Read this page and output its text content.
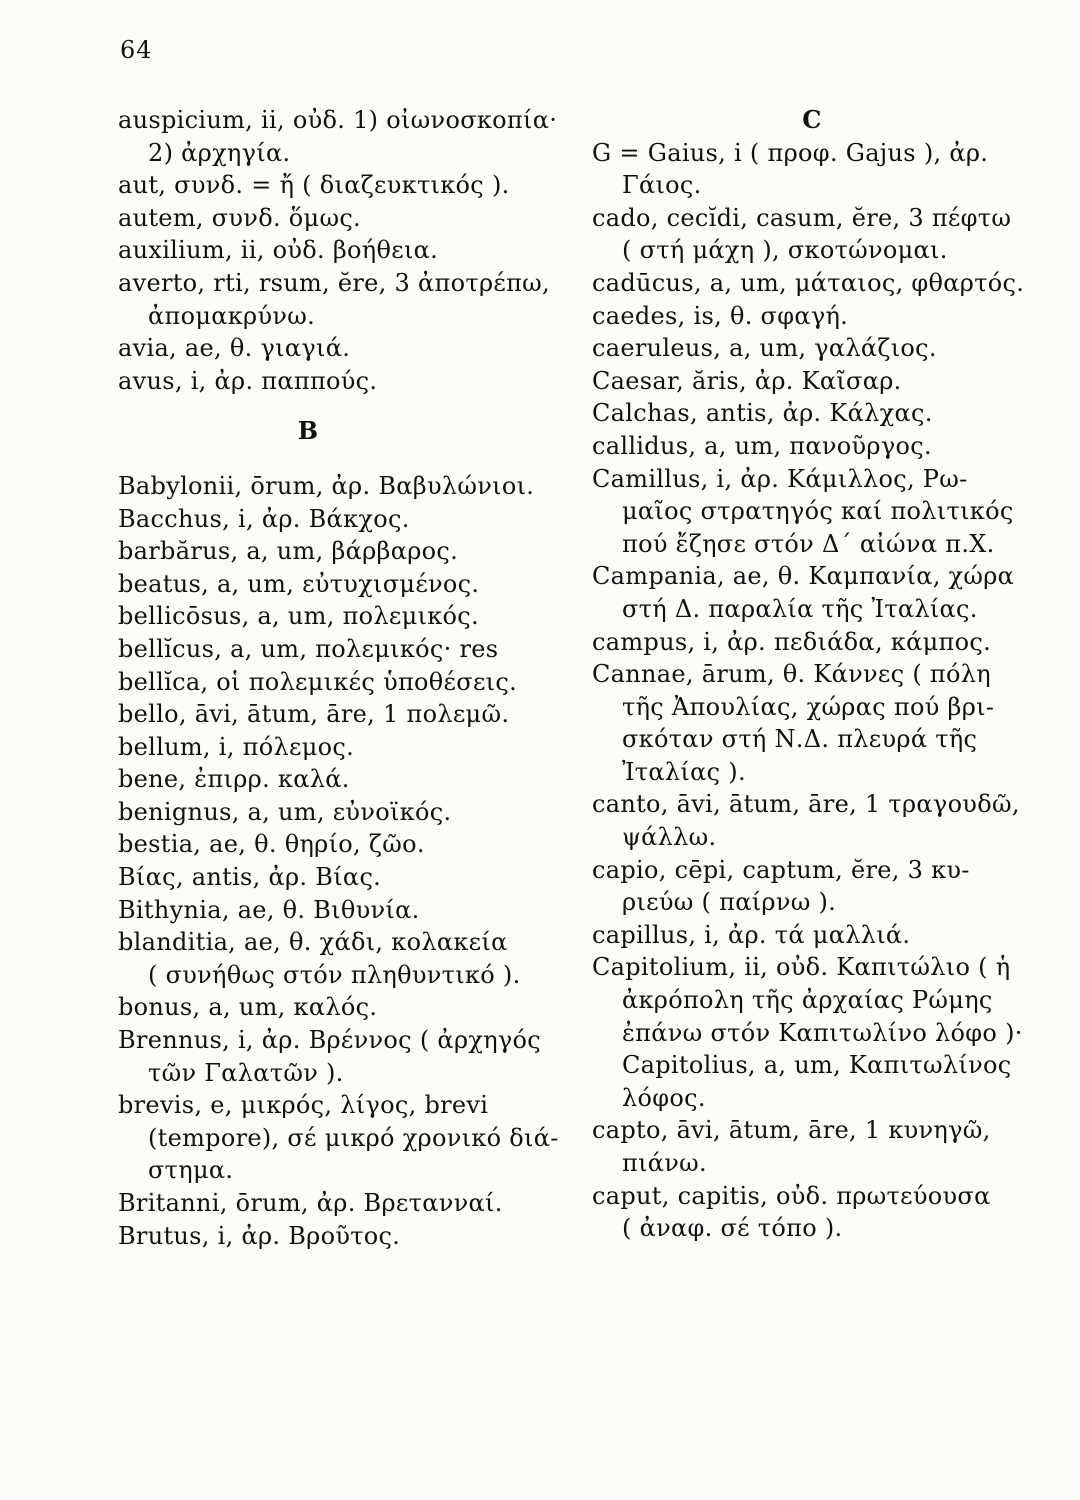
64
auspicium, ii, οὐδ. 1) οἰωνοσκοπία·
2) ἀρχηγία.
aut, συνδ. = ἤ ( διαζευκτικός ).
autem, συνδ. ὅμως.
auxilium, ii, οὐδ. βοήθεια.
averto, rti, rsum, ĕre, 3 ἀποτρέπω,
ἀπομακρύνω.
avia, ae, θ. γιαγιά.
avus, i, ἀρ. παππούς.
B
Babylonii, ōrum, ἀρ. Βαβυλώνιοι.
Bacchus, i, ἀρ. Βάκχος.
barbărus, a, um, βάρβαρος.
beatus, a, um, εὐτυχισμένος.
bellicōsus, a, um, πολεμικός.
bellĭcus, a, um, πολεμικός· res
bellĭca, οἱ πολεμικές ὑποθέσεις.
bello, āvi, ātum, āre, 1 πολεμῶ.
bellum, i, πόλεμος.
bene, ἐπιρρ. καλά.
benignus, a, um, εὐνοϊκός.
bestia, ae, θ. θηρίο, ζῶο.
Βίας, antis, ἀρ. Βίας.
Bithynia, ae, θ. Βιθυνία.
blanditia, ae, θ. χάδι, κολακεία
( συνήθως στόν πληθυντικό ).
bonus, a, um, καλός.
Brennus, i, ἀρ. Βρέννος ( ἀρχηγός
τῶν Γαλατῶν ).
brevis, e, μικρός, λίγος, brevi
(tempore), σέ μικρό χρονικό διά-
στημα.
Britanni, ōrum, ἀρ. Βρετανναί.
Brutus, i, ἀρ. Βροῦτος.
C
G = Gaius, i ( προφ. Gajus ), ἀρ.
Γάιος.
cado, cecĭdi, casum, ĕre, 3 πέφτω
( στή μάχη ), σκοτώνομαι.
cadūcus, a, um, μάταιος, φθαρτός.
caedes, is, θ. σφαγή.
caeruleus, a, um, γαλάζιος.
Caesar, ăris, ἀρ. Καῖσαρ.
Calchas, antis, ἀρ. Κάλχας.
callidus, a, um, πανοῦργος.
Camillus, i, ἀρ. Κάμιλλος, Ρω-
μαῖος στρατηγός καί πολιτικός
πού ἔζησε στόν Δ΄ αἰώνα π.Χ.
Campania, ae, θ. Καμπανία, χώρα
στή Δ. παραλία τῆς Ἰταλίας.
campus, i, ἀρ. πεδιάδα, κάμπος.
Cannae, ārum, θ. Κάννες ( πόλη
τῆς Ἀπουλίας, χώρας πού βρι-
σκόταν στή Ν.Δ. πλευρά τῆς
Ἰταλίας ).
canto, āvi, ātum, āre, 1 τραγουδῶ,
ψάλλω.
capio, cēpi, captum, ĕre, 3 κυ-
ριεύω ( παίρνω ).
capillus, i, ἀρ. τά μαλλιά.
Capitolium, ii, οὐδ. Καπιτώλιο ( ἡ
ἀκρόπολη τῆς ἀρχαίας Ρώμης
ἐπάνω στόν Καπιτωλίνο λόφο )·
Capitolius, a, um, Καπιτωλίνος
λόφος.
capto, āvi, ātum, āre, 1 κυνηγῶ,
πιάνω.
caput, capitis, οὐδ. πρωτεύουσα
( ἀναφ. σέ τόπο ).
